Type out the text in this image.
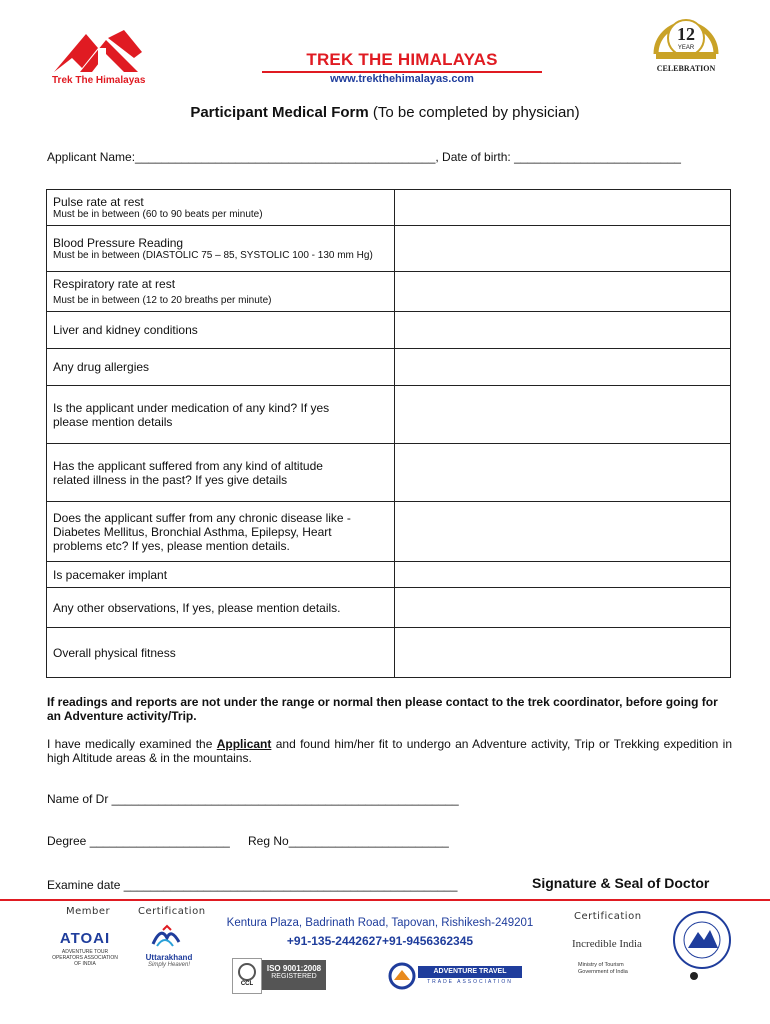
Trek The Himalayas
TREK THE HIMALAYAS
www.trekthehimalayas.com
12
YEAR
CELEBRATION
Participant Medical Form (To be completed by physician)
Applicant Name:_____________________________________________, Date of birth: _________________________
Pulse rate at rest
Must be in between (60 to 90 beats per minute)	

Blood Pressure Reading
Must be in between (DIASTOLIC 75 – 85, SYSTOLIC 100 - 130 mm Hg)	

Respiratory rate at rest
Must be in between (12 to 20 breaths per minute)	

Liver and kidney conditions	
Any drug allergies	

Is the applicant under medication of any kind? If yes please mention details	

Has the applicant suffered from any kind of altitude related illness in the past? If yes give details	

Does the applicant suffer from any chronic disease like - Diabetes Mellitus, Bronchial Asthma, Epilepsy, Heart problems etc? If yes, please mention details.	

Is pacemaker implant	
Any other observations, If yes, please mention details.	
Overall physical fitness	
If readings and reports are not under the range or normal then please contact to the trek coordinator, before going for an Adventure activity/Trip.
I have medically examined the Applicant and found him/her fit to undergo an Adventure activity, Trip or Trekking expedition in high Altitude areas & in the mountains.
Name of Dr ____________________________________________________
Degree _____________________ Reg No________________________
Examine date __________________________________________________	Signature & Seal of Doctor
Member	Certification	Certification
Kentura Plaza, Badrinath Road, Tapovan, Rishikesh-249201
+91-135-2442627+91-9456362345
ATOAI
ADVENTURE TOUR OPERATORS ASSOCIATION OF INDIA
Uttarakhand
Simply Heaven!
CCL
ISO 9001:2008
REGISTERED
ADVENTURE TRAVEL
TRADE ASSOCIATION
Incredible India
Ministry of Tourism Government of India
